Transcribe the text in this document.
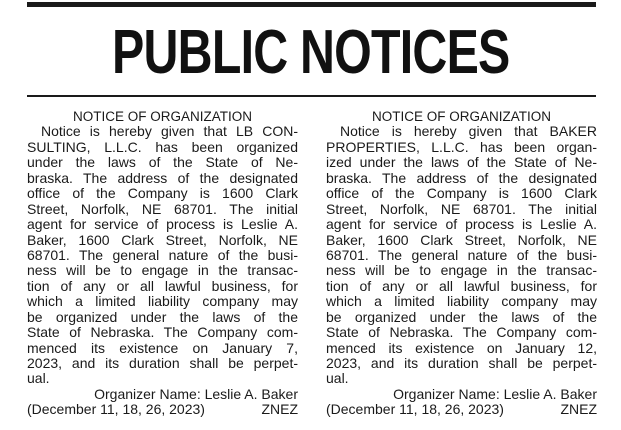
PUBLIC NOTICES
NOTICE OF ORGANIZATION
Notice is hereby given that LB CON-
SULTING, L.L.C. has been organized
under the laws of the State of Ne-
braska. The address of the designated
office of the Company is 1600 Clark
Street, Norfolk, NE 68701. The initial
agent for service of process is Leslie A.
Baker, 1600 Clark Street, Norfolk, NE
68701. The general nature of the busi-
ness will be to engage in the transac-
tion of any or all lawful business, for
which a limited liability company may
be organized under the laws of the
State of Nebraska. The Company com-
menced its existence on January 7,
2023, and its duration shall be perpet-
ual.
Organizer Name: Leslie A. Baker
(December 11, 18, 26, 2023)	ZNEZ
NOTICE OF ORGANIZATION
Notice is hereby given that BAKER
PROPERTIES, L.L.C. has been organ-
ized under the laws of the State of Ne-
braska. The address of the designated
office of the Company is 1600 Clark
Street, Norfolk, NE 68701. The initial
agent for service of process is Leslie A.
Baker, 1600 Clark Street, Norfolk, NE
68701. The general nature of the busi-
ness will be to engage in the transac-
tion of any or all lawful business, for
which a limited liability company may
be organized under the laws of the
State of Nebraska. The Company com-
menced its existence on January 12,
2023, and its duration shall be perpet-
ual.
Organizer Name: Leslie A. Baker
(December 11, 18, 26, 2023)	ZNEZ
